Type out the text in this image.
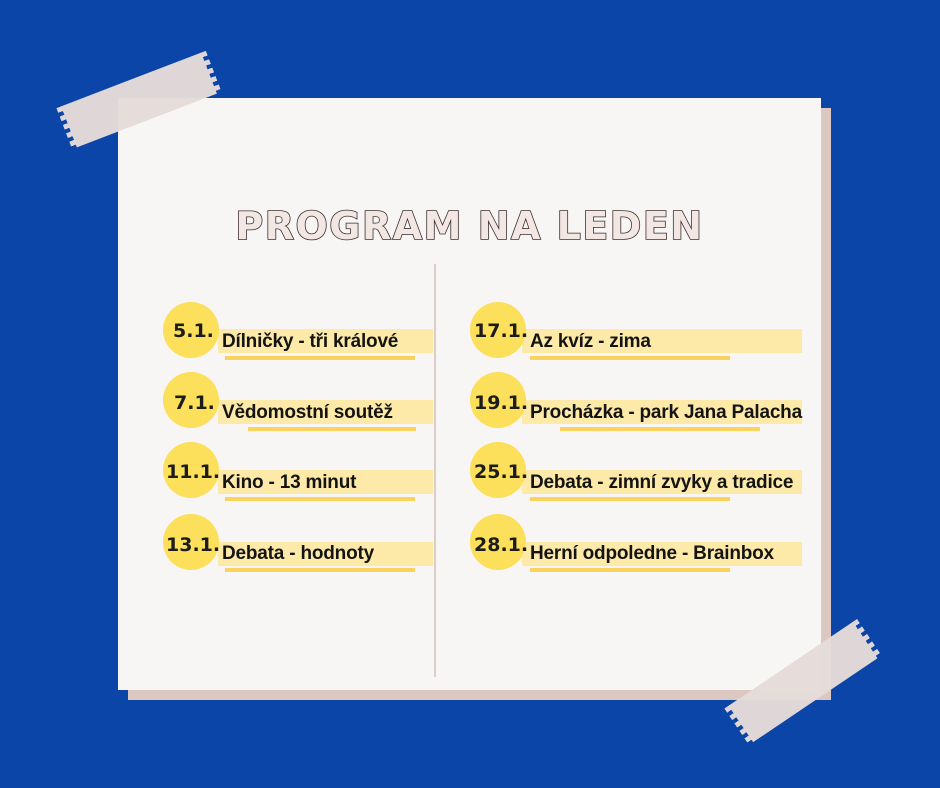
PROGRAM NA LEDEN
5.1. Dílničky - tři králové
7.1. Vědomostní soutěž
11.1. Kino - 13 minut
13.1. Debata - hodnoty
17.1. Az kvíz - zima
19.1. Procházka - park Jana Palacha
25.1. Debata - zimní zvyky a tradice
28.1. Herní odpoledne - Brainbox
